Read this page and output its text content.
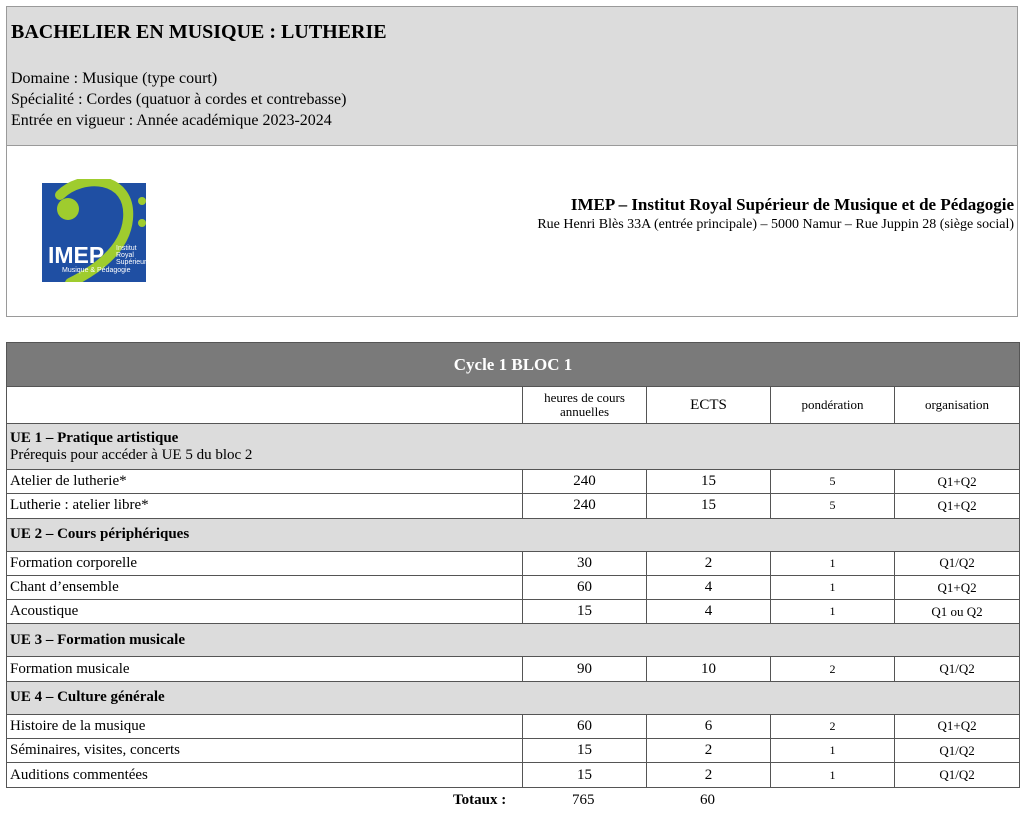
BACHELIER EN MUSIQUE : LUTHERIE
Domaine : Musique (type court)
Spécialité : Cordes (quatuor à cordes et contrebasse)
Entrée en vigueur : Année académique 2023-2024
IMEP Institut
Royal
Supérieur
Musique & Pédagogie
IMEP – Institut Royal Supérieur de Musique et de Pédagogie
Rue Henri Blès 33A (entrée principale) – 5000 Namur – Rue Juppin 28 (siège social)
Cycle 1 BLOC 1				
	heures de cours annuelles	ECTS	pondération	organisation

UE 1 – Pratique artistique
Prérequis pour accéder à UE 5 du bloc 2				

Atelier de lutherie*	240	15	5	Q1+Q2
Lutherie : atelier libre*	240	15	5	Q1+Q2

UE 2 – Cours périphériques				

Formation corporelle	30	2	1	Q1/Q2
Chant d’ensemble	60	4	1	Q1+Q2
Acoustique	15	4	1	Q1 ou Q2

UE 3 – Formation musicale				

Formation musicale	90	10	2	Q1/Q2

UE 4 – Culture générale				

Histoire de la musique	60	6	2	Q1+Q2
Séminaires, visites, concerts	15	2	1	Q1/Q2
Auditions commentées	15	2	1	Q1/Q2
Totaux :	765	60
